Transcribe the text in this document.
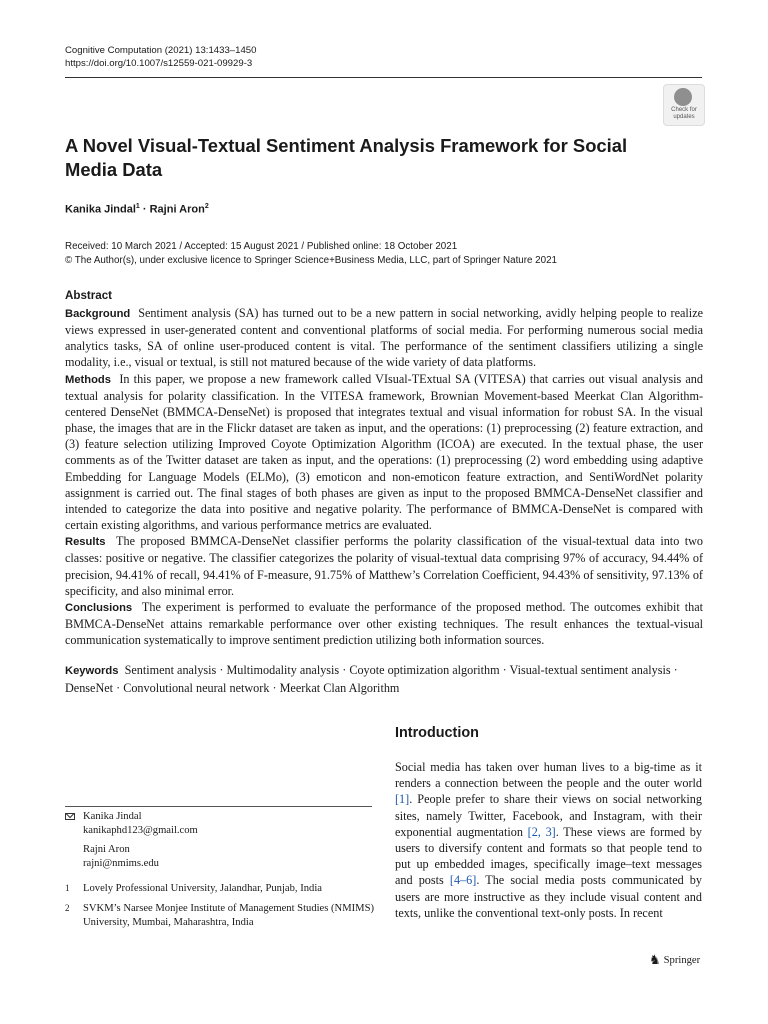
Cognitive Computation (2021) 13:1433–1450
https://doi.org/10.1007/s12559-021-09929-3
Check for
updates
A Novel Visual-Textual Sentiment Analysis Framework for Social Media Data
Kanika Jindal$^1$ · Rajni Aron$^2$
Received: 10 March 2021 / Accepted: 15 August 2021 / Published online: 18 October 2021
© The Author(s), under exclusive licence to Springer Science+Business Media, LLC, part of Springer Nature 2021
Abstract

Background Sentiment analysis (SA) has turned out to be a new pattern in social networking, avidly helping people to realize views expressed in user-generated content and conventional platforms of social media. For performing numerous social media analytics tasks, SA of online user-produced content is vital. The performance of the sentiment classifiers utilizing a single modality, i.e., visual or textual, is still not matured because of the wide variety of data platforms.

Methods In this paper, we propose a new framework called VIsual-TExtual SA (VITESA) that carries out visual analysis and textual analysis for polarity classification. In the VITESA framework, Brownian Movement-based Meerkat Clan Algorithm-centered DenseNet (BMMCA-DenseNet) is proposed that integrates textual and visual information for robust SA. In the visual phase, the images that are in the Flickr dataset are taken as input, and the operations: (1) preprocessing (2) feature extraction, and (3) feature selection utilizing Improved Coyote Optimization Algorithm (ICOA) are executed. In the textual phase, the user comments as of the Twitter dataset are taken as input, and the operations: (1) preprocessing (2) word embedding using adaptive Embedding for Language Models (ELMo), (3) emoticon and non-emoticon feature extraction, and SentiWordNet polarity assignment is carried out. The final stages of both phases are given as input to the proposed BMMCA-DenseNet classifier and intended to categorize the data into positive and negative polarity. The performance of BMMCA-DenseNet is compared with certain existing algorithms, and various performance metrics are evaluated.

Results The proposed BMMCA-DenseNet classifier performs the polarity classification of the visual-textual data into two classes: positive or negative. The classifier categorizes the polarity of visual-textual data comprising 97% of accuracy, 94.44% of precision, 94.41% of recall, 94.41% of F-measure, 91.75% of Matthew’s Correlation Coefficient, 94.43% of sensitivity, 97.13% of specificity, and also minimal error.

Conclusions The experiment is performed to evaluate the performance of the proposed method. The outcomes exhibit that BMMCA-DenseNet attains remarkable performance over other existing techniques. The result enhances the textual-visual communication systematically to improve sentiment prediction utilizing both information sources.

Keywords Sentiment analysis · Multimodality analysis · Coyote optimization algorithm · Visual-textual sentiment analysis · DenseNet · Convolutional neural network · Meerkat Clan Algorithm
Introduction
Social media has taken over human lives to a big-time as it renders a connection between the people and the outer world [1]. People prefer to share their views on social networking sites, namely Twitter, Facebook, and Instagram, with their exponential augmentation [2, 3]. These views are formed by users to diversify content and formats so that people tend to put up embedded images, specifically image–text messages and posts [4–6]. The social media posts communicated by users are more instructive as they include visual content and texts, unlike the conventional text-only posts. In recent
Kanika Jindal
kanikaphd123@gmail.com
Rajni Aron
rajni@nmims.edu
1 Lovely Professional University, Jalandhar, Punjab, India
2 SVKM’s Narsee Monjee Institute of Management Studies (NMIMS) University, Mumbai, Maharashtra, India
♞ Springer
